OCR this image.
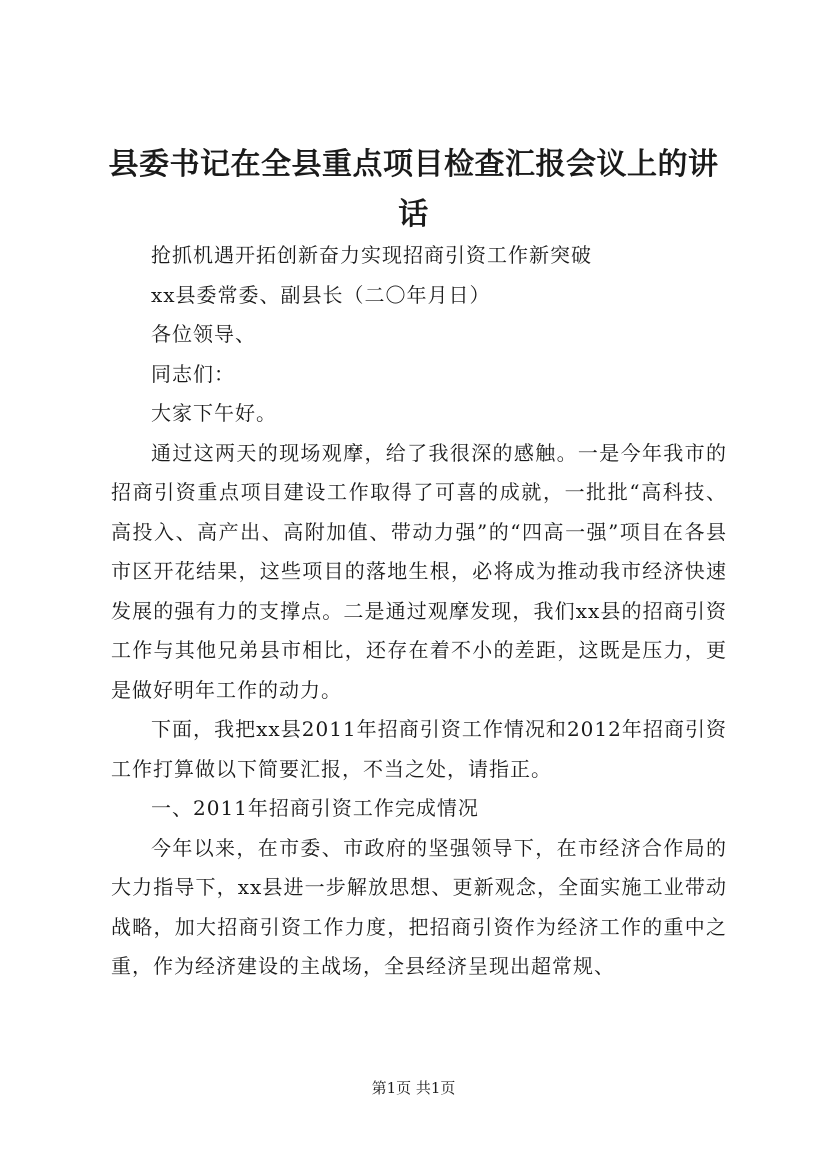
县委书记在全县重点项目检查汇报会议上的讲话

抢抓机遇开拓创新奋力实现招商引资工作新突破

xx县委常委、副县长（二〇年月日）

各位领导、

同志们：

大家下午好。

通过这两天的现场观摩，给了我很深的感触。一是今年我市的招商引资重点项目建设工作取得了可喜的成就，一批批“高科技、高投入、高产出、高附加值、带动力强”的“四高一强”项目在各县市区开花结果，这些项目的落地生根，必将成为推动我市经济快速发展的强有力的支撑点。二是通过观摩发现，我们xx县的招商引资工作与其他兄弟县市相比，还存在着不小的差距，这既是压力，更是做好明年工作的动力。

下面，我把xx县2011年招商引资工作情况和2012年招商引资工作打算做以下简要汇报，不当之处，请指正。

一、2011年招商引资工作完成情况

今年以来，在市委、市政府的坚强领导下，在市经济合作局的大力指导下，xx县进一步解放思想、更新观念，全面实施工业带动战略，加大招商引资工作力度，把招商引资作为经济工作的重中之重，作为经济建设的主战场，全县经济呈现出超常规、

第1页 共1页
